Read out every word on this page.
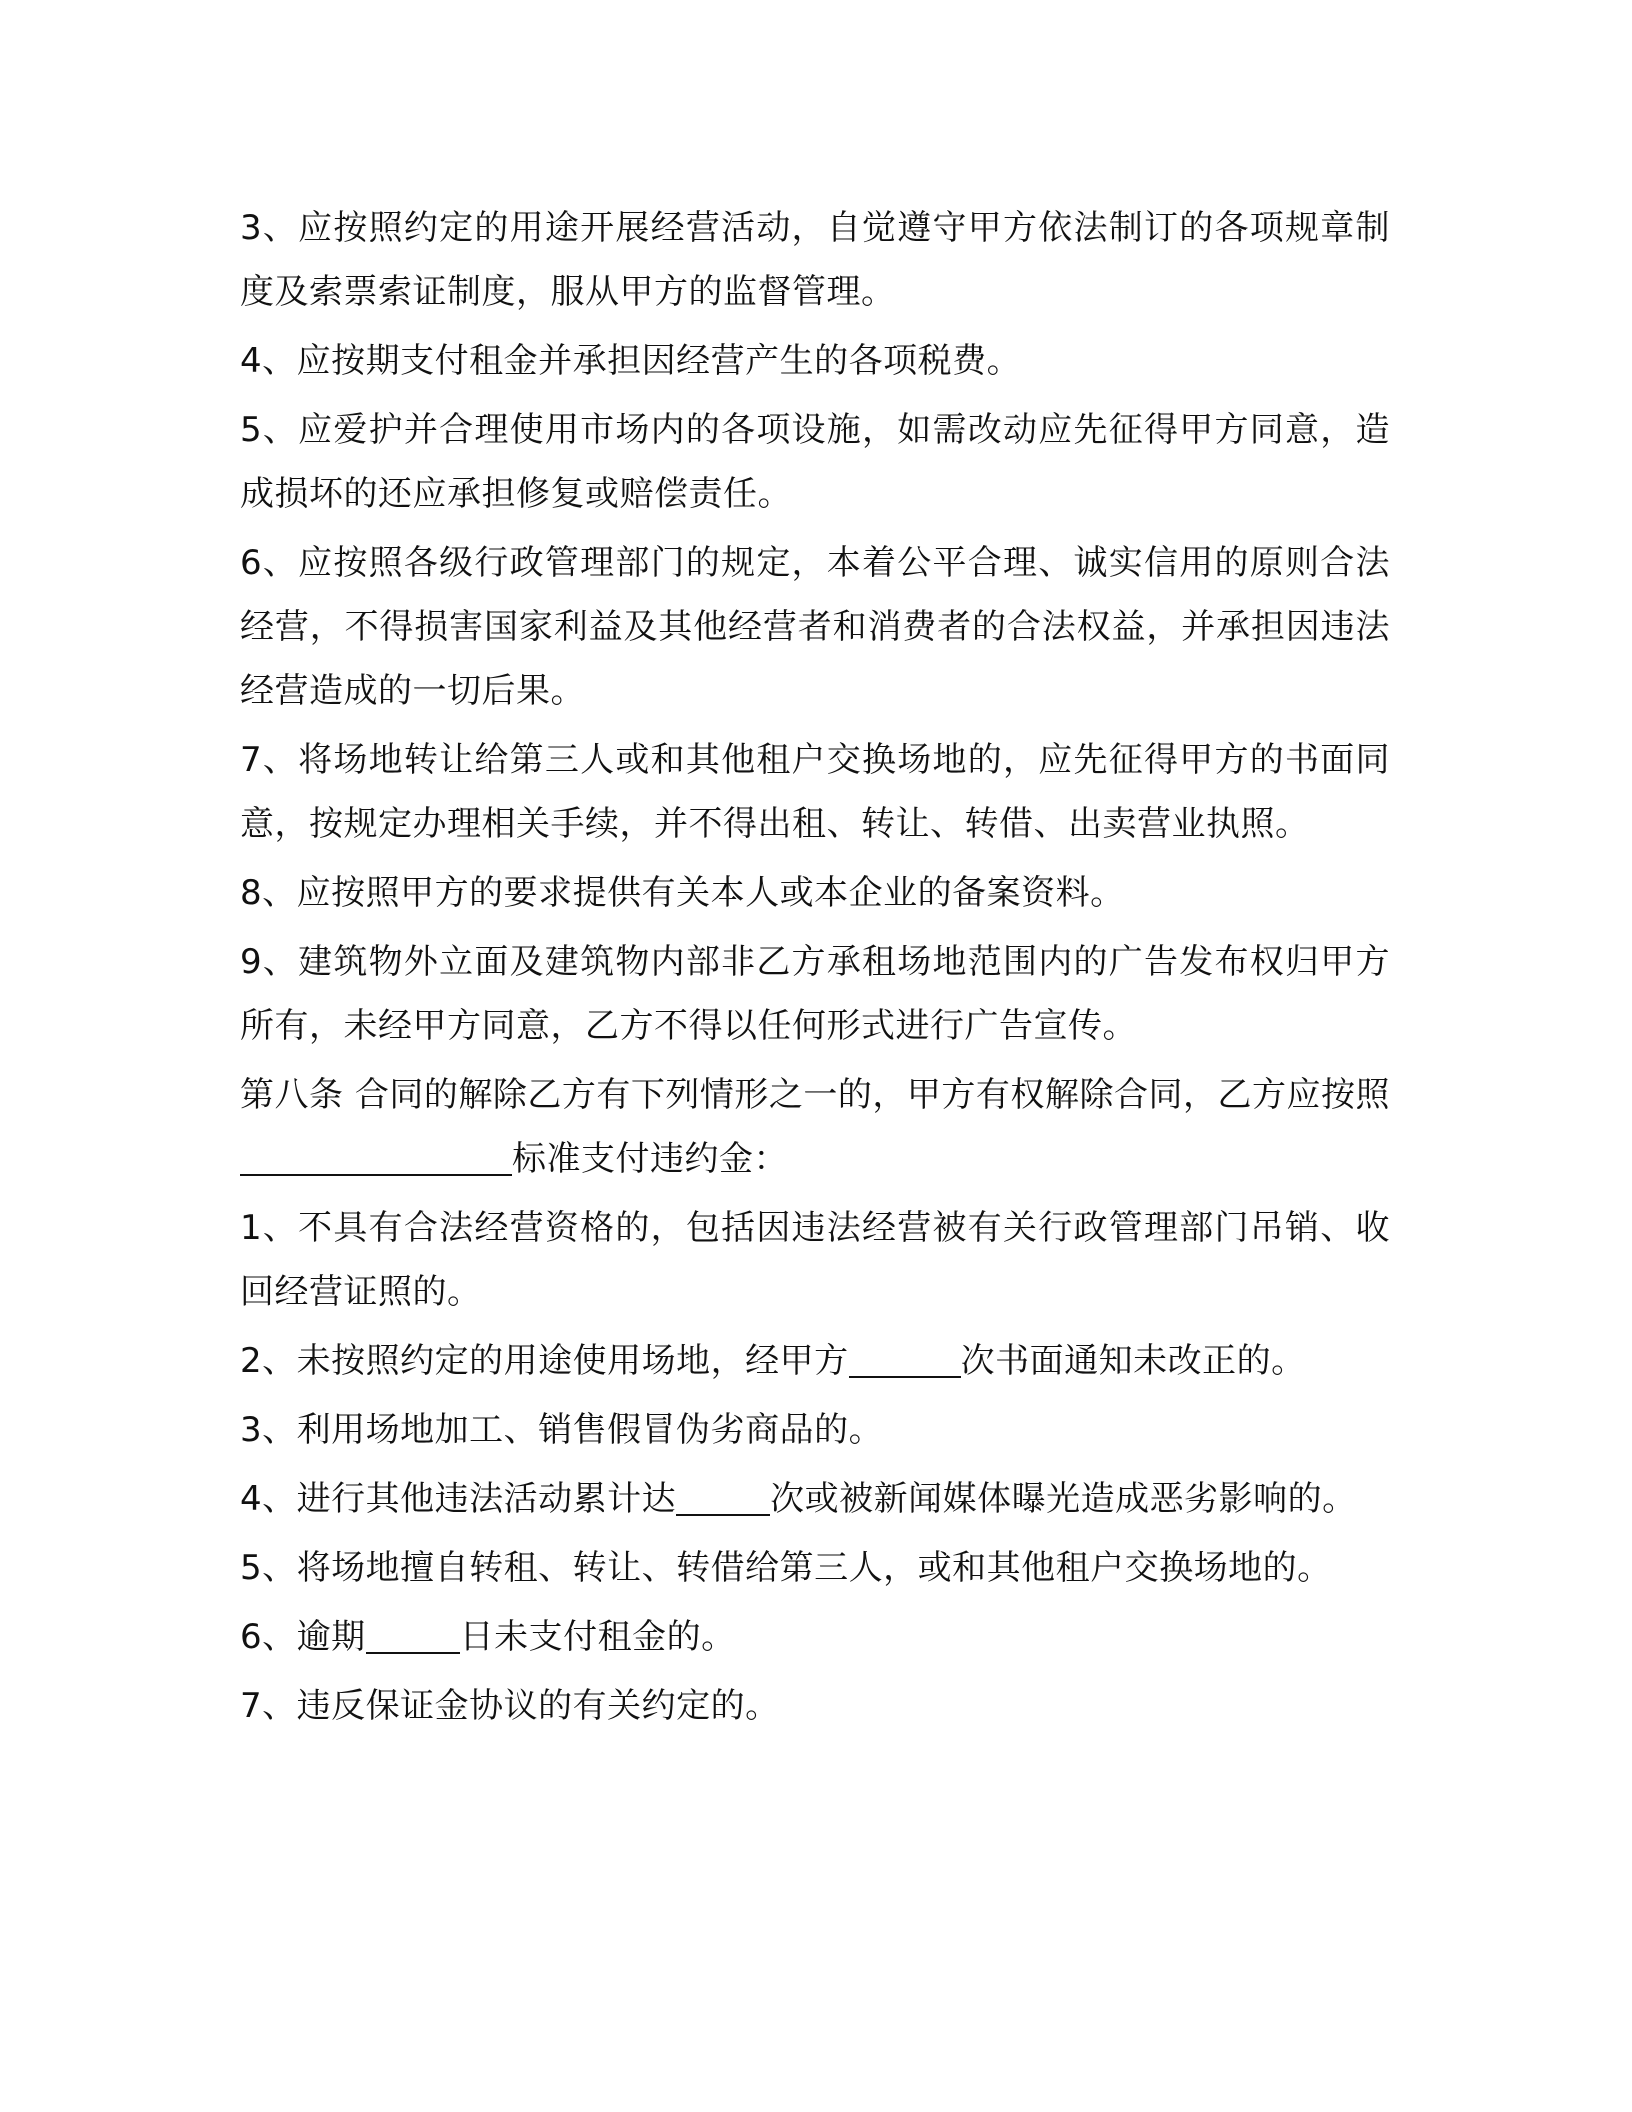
3、应按照约定的用途开展经营活动，自觉遵守甲方依法制订的各项规章制度及索票索证制度，服从甲方的监督管理。

4、应按期支付租金并承担因经营产生的各项税费。

5、应爱护并合理使用市场内的各项设施，如需改动应先征得甲方同意，造成损坏的还应承担修复或赔偿责任。

6、应按照各级行政管理部门的规定，本着公平合理、诚实信用的原则合法经营，不得损害国家利益及其他经营者和消费者的合法权益，并承担因违法经营造成的一切后果。

7、将场地转让给第三人或和其他租户交换场地的，应先征得甲方的书面同意，按规定办理相关手续，并不得出租、转让、转借、出卖营业执照。

8、应按照甲方的要求提供有关本人或本企业的备案资料。

9、建筑物外立面及建筑物内部非乙方承租场地范围内的广告发布权归甲方所有，未经甲方同意，乙方不得以任何形式进行广告宣传。

第八条 合同的解除乙方有下列情形之一的，甲方有权解除合同，乙方应按照标准支付违约金：

1、不具有合法经营资格的，包括因违法经营被有关行政管理部门吊销、收回经营证照的。

2、未按照约定的用途使用场地，经甲方	次书面通知未改正的。

3、利用场地加工、销售假冒伪劣商品的。

4、进行其他违法活动累计达	次或被新闻媒体曝光造成恶劣影响的。

5、将场地擅自转租、转让、转借给第三人，或和其他租户交换场地的。

6、逾期	日未支付租金的。

7、违反保证金协议的有关约定的。
